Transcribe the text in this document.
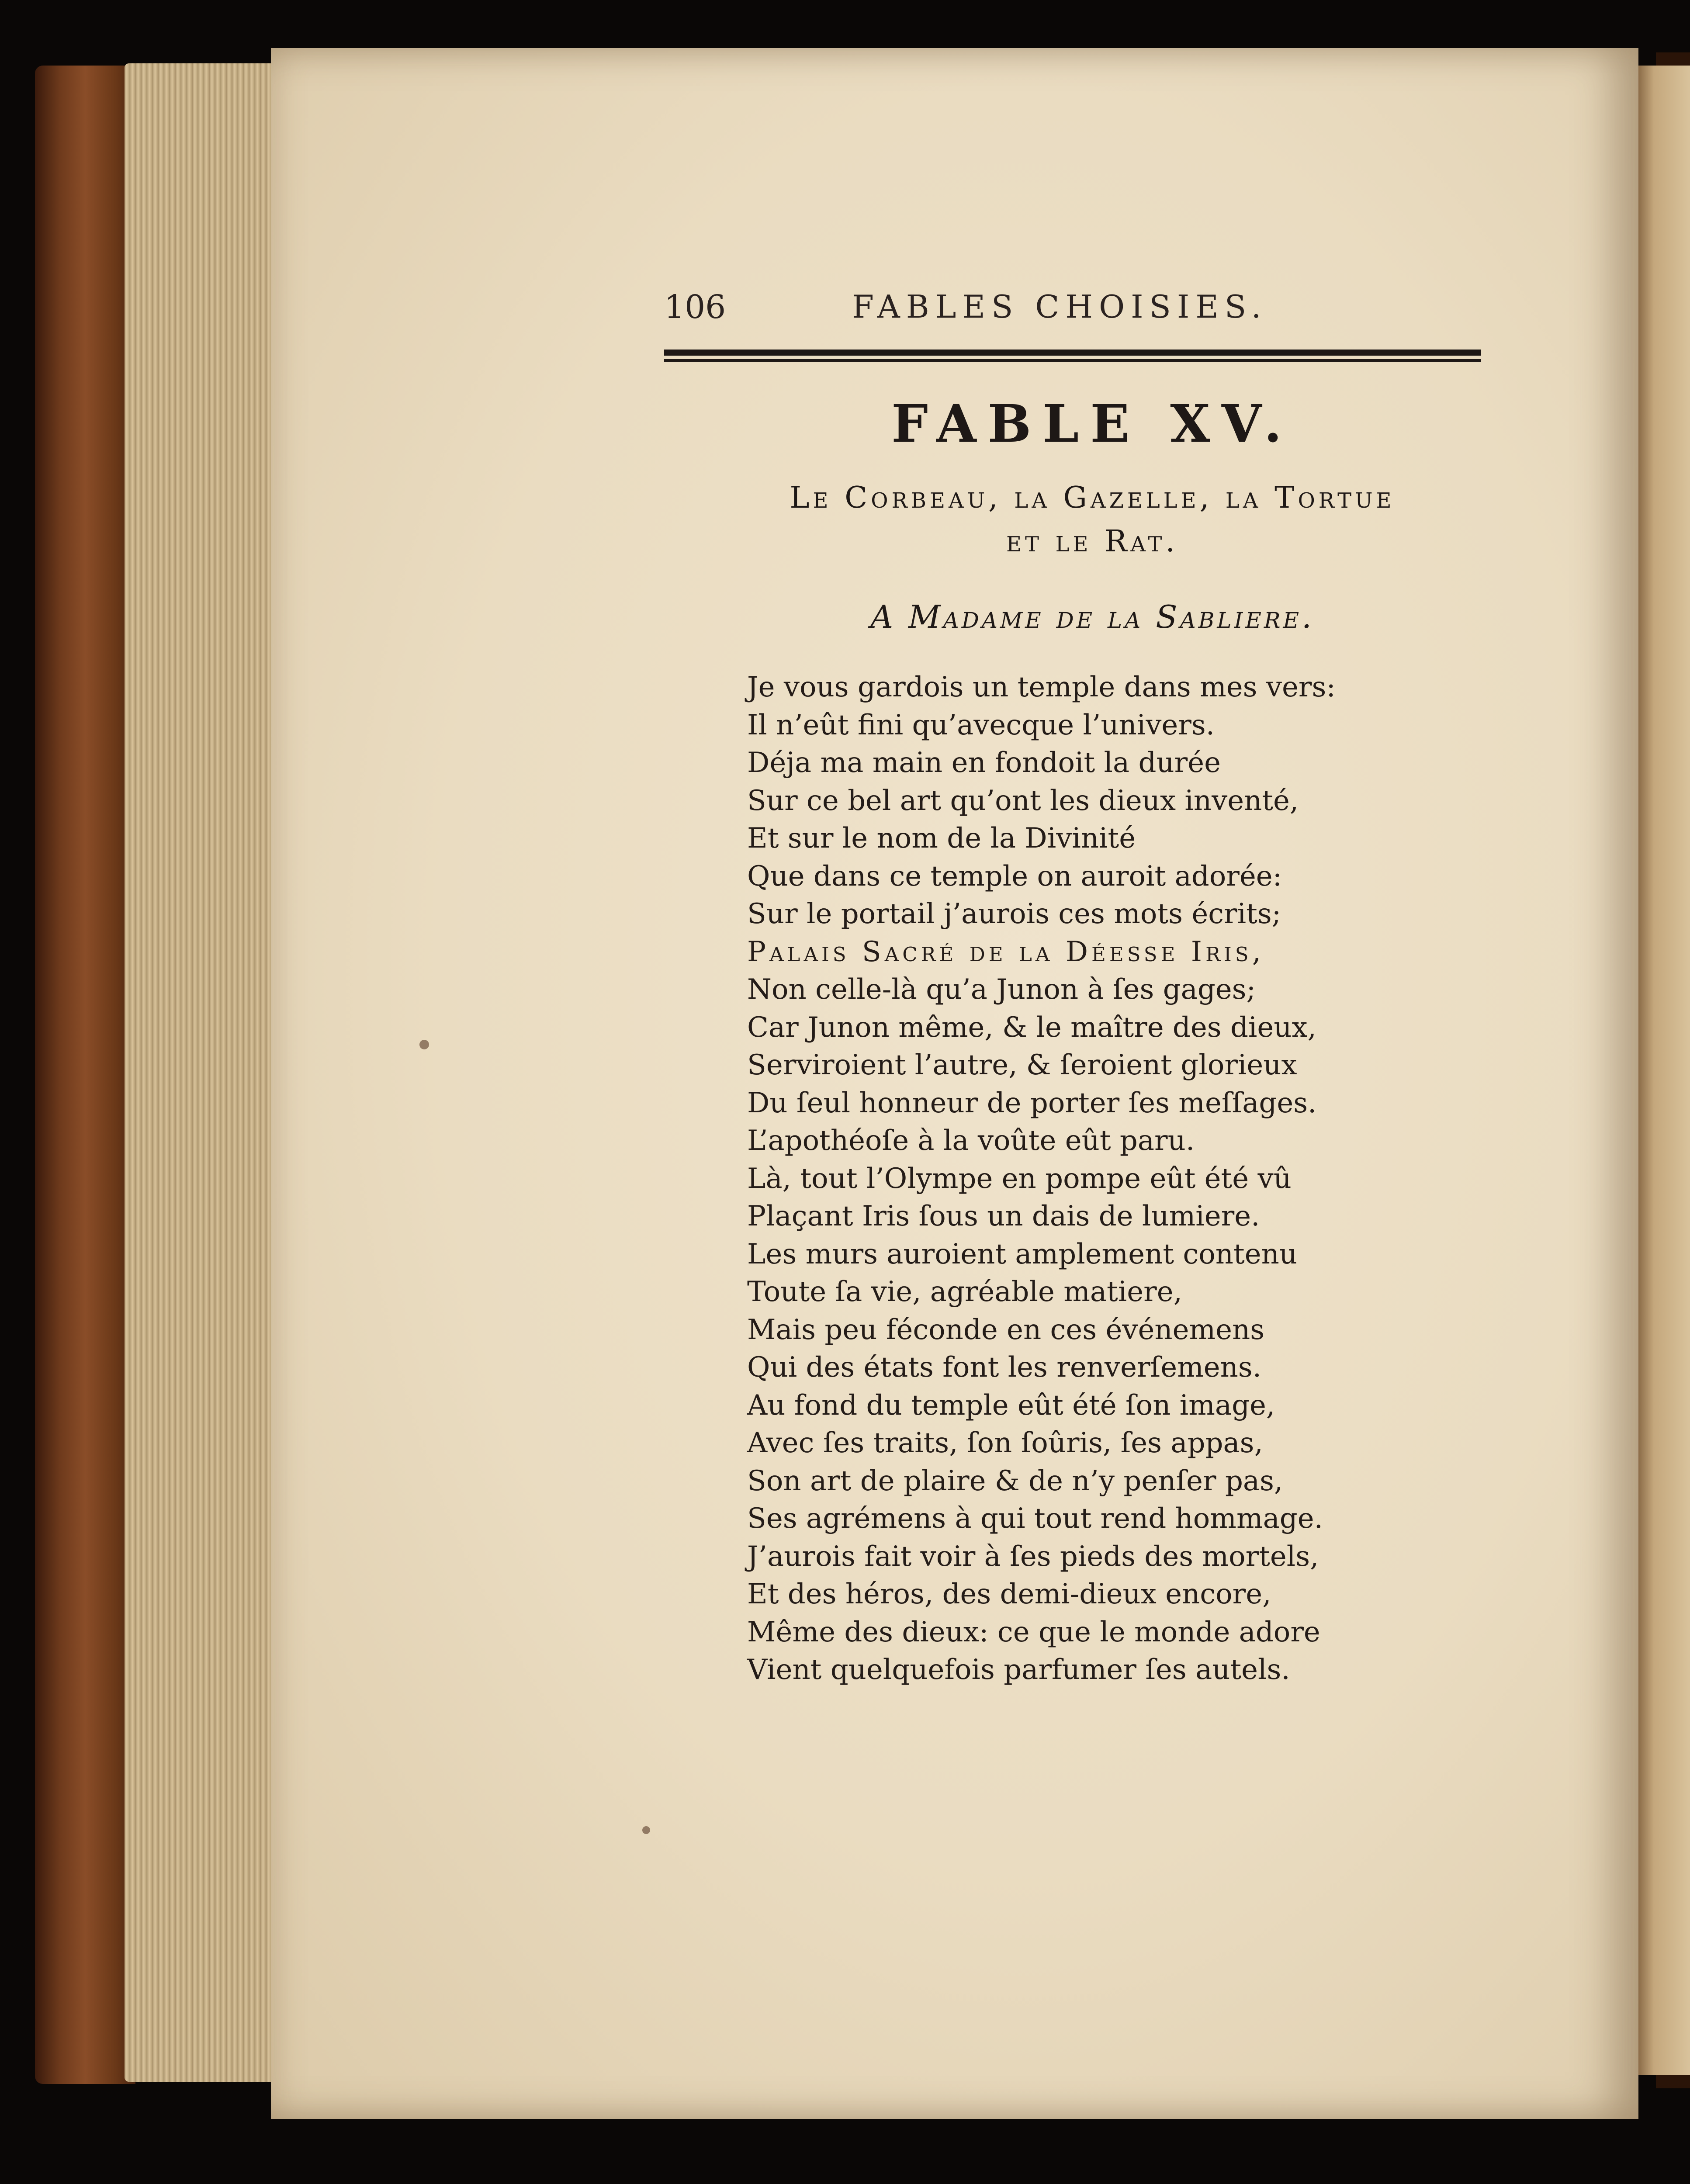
106	FABLES CHOISIES.
FABLE XV.
Le Corbeau, la Gazelle, la Tortue
et le Rat.
A Madame de la Sabliere.
Je vous gardois un temple dans mes vers:
Il n’eût fini qu’avecque l’univers.
Déja ma main en fondoit la durée
Sur ce bel art qu’ont les dieux inventé,
Et sur le nom de la Divinité
Que dans ce temple on auroit adorée:
Sur le portail j’aurois ces mots écrits;
Palais Sacré de la Déesse Iris,
Non celle-là qu’a Junon à ſes gages;
Car Junon même, & le maître des dieux,
Serviroient l’autre, & ſeroient glorieux
Du ſeul honneur de porter ſes meſſages.
L’apothéoſe à la voûte eût paru.
Là, tout l’Olympe en pompe eût été vû
Plaçant Iris ſous un dais de lumiere.
Les murs auroient amplement contenu
Toute ſa vie, agréable matiere,
Mais peu féconde en ces événemens
Qui des états font les renverſemens.
Au fond du temple eût été ſon image,
Avec ſes traits, ſon ſoûris, ſes appas,
Son art de plaire & de n’y penſer pas,
Ses agrémens à qui tout rend hommage.
J’aurois fait voir à ſes pieds des mortels,
Et des héros, des demi-dieux encore,
Même des dieux: ce que le monde adore
Vient quelquefois parfumer ſes autels.
